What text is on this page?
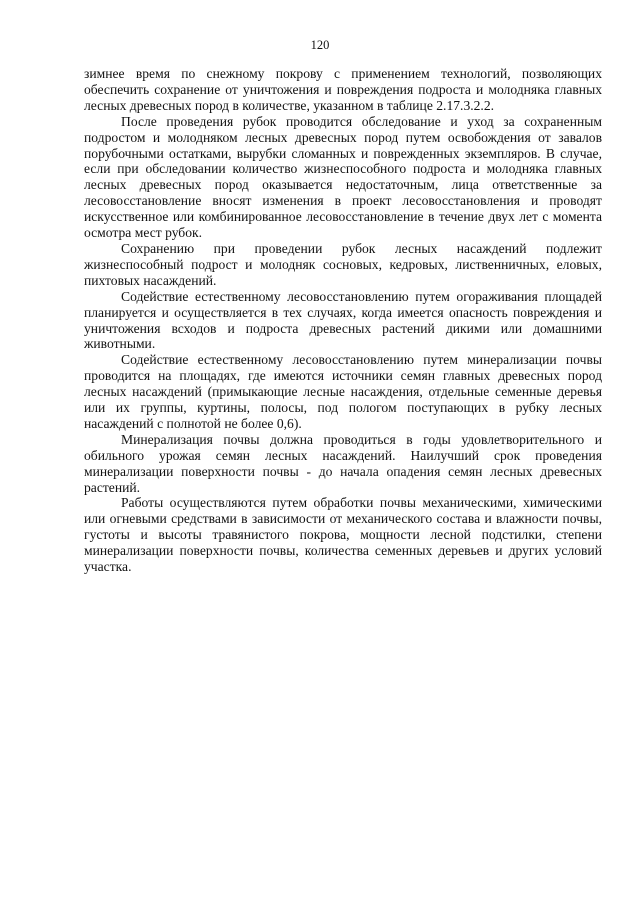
120

зимнее время по снежному покрову с применением технологий, позволяющих обеспечить сохранение от уничтожения и повреждения подроста и молодняка главных лесных древесных пород в количестве, указанном в таблице 2.17.3.2.2.

После проведения рубок проводится обследование и уход за сохраненным подростом и молодняком лесных древесных пород путем освобождения от завалов порубочными остатками, вырубки сломанных и поврежденных экземпляров. В случае, если при обследовании количество жизнеспособного подроста и молодняка главных лесных древесных пород оказывается недостаточным, лица ответственные за лесовосстановление вносят изменения в проект лесовосстановления и проводят искусственное или комбинированное лесовосстановление в течение двух лет с момента осмотра мест рубок.

Сохранению при проведении рубок лесных насаждений подлежит жизнеспособный подрост и молодняк сосновых, кедровых, лиственничных, еловых, пихтовых насаждений.

Содействие естественному лесовосстановлению путем огораживания площадей планируется и осуществляется в тех случаях, когда имеется опасность повреждения и уничтожения всходов и подроста древесных растений дикими или домашними животными.

Содействие естественному лесовосстановлению путем минерализации почвы проводится на площадях, где имеются источники семян главных древесных пород лесных насаждений (примыкающие лесные насаждения, отдельные семенные деревья или их группы, куртины, полосы, под пологом поступающих в рубку лесных насаждений с полнотой не более 0,6).

Минерализация почвы должна проводиться в годы удовлетворительного и обильного урожая семян лесных насаждений. Наилучший срок проведения минерализации поверхности почвы - до начала опадения семян лесных древесных растений.

Работы осуществляются путем обработки почвы механическими, химическими или огневыми средствами в зависимости от механического состава и влажности почвы, густоты и высоты травянистого покрова, мощности лесной подстилки, степени минерализации поверхности почвы, количества семенных деревьев и других условий участка.
